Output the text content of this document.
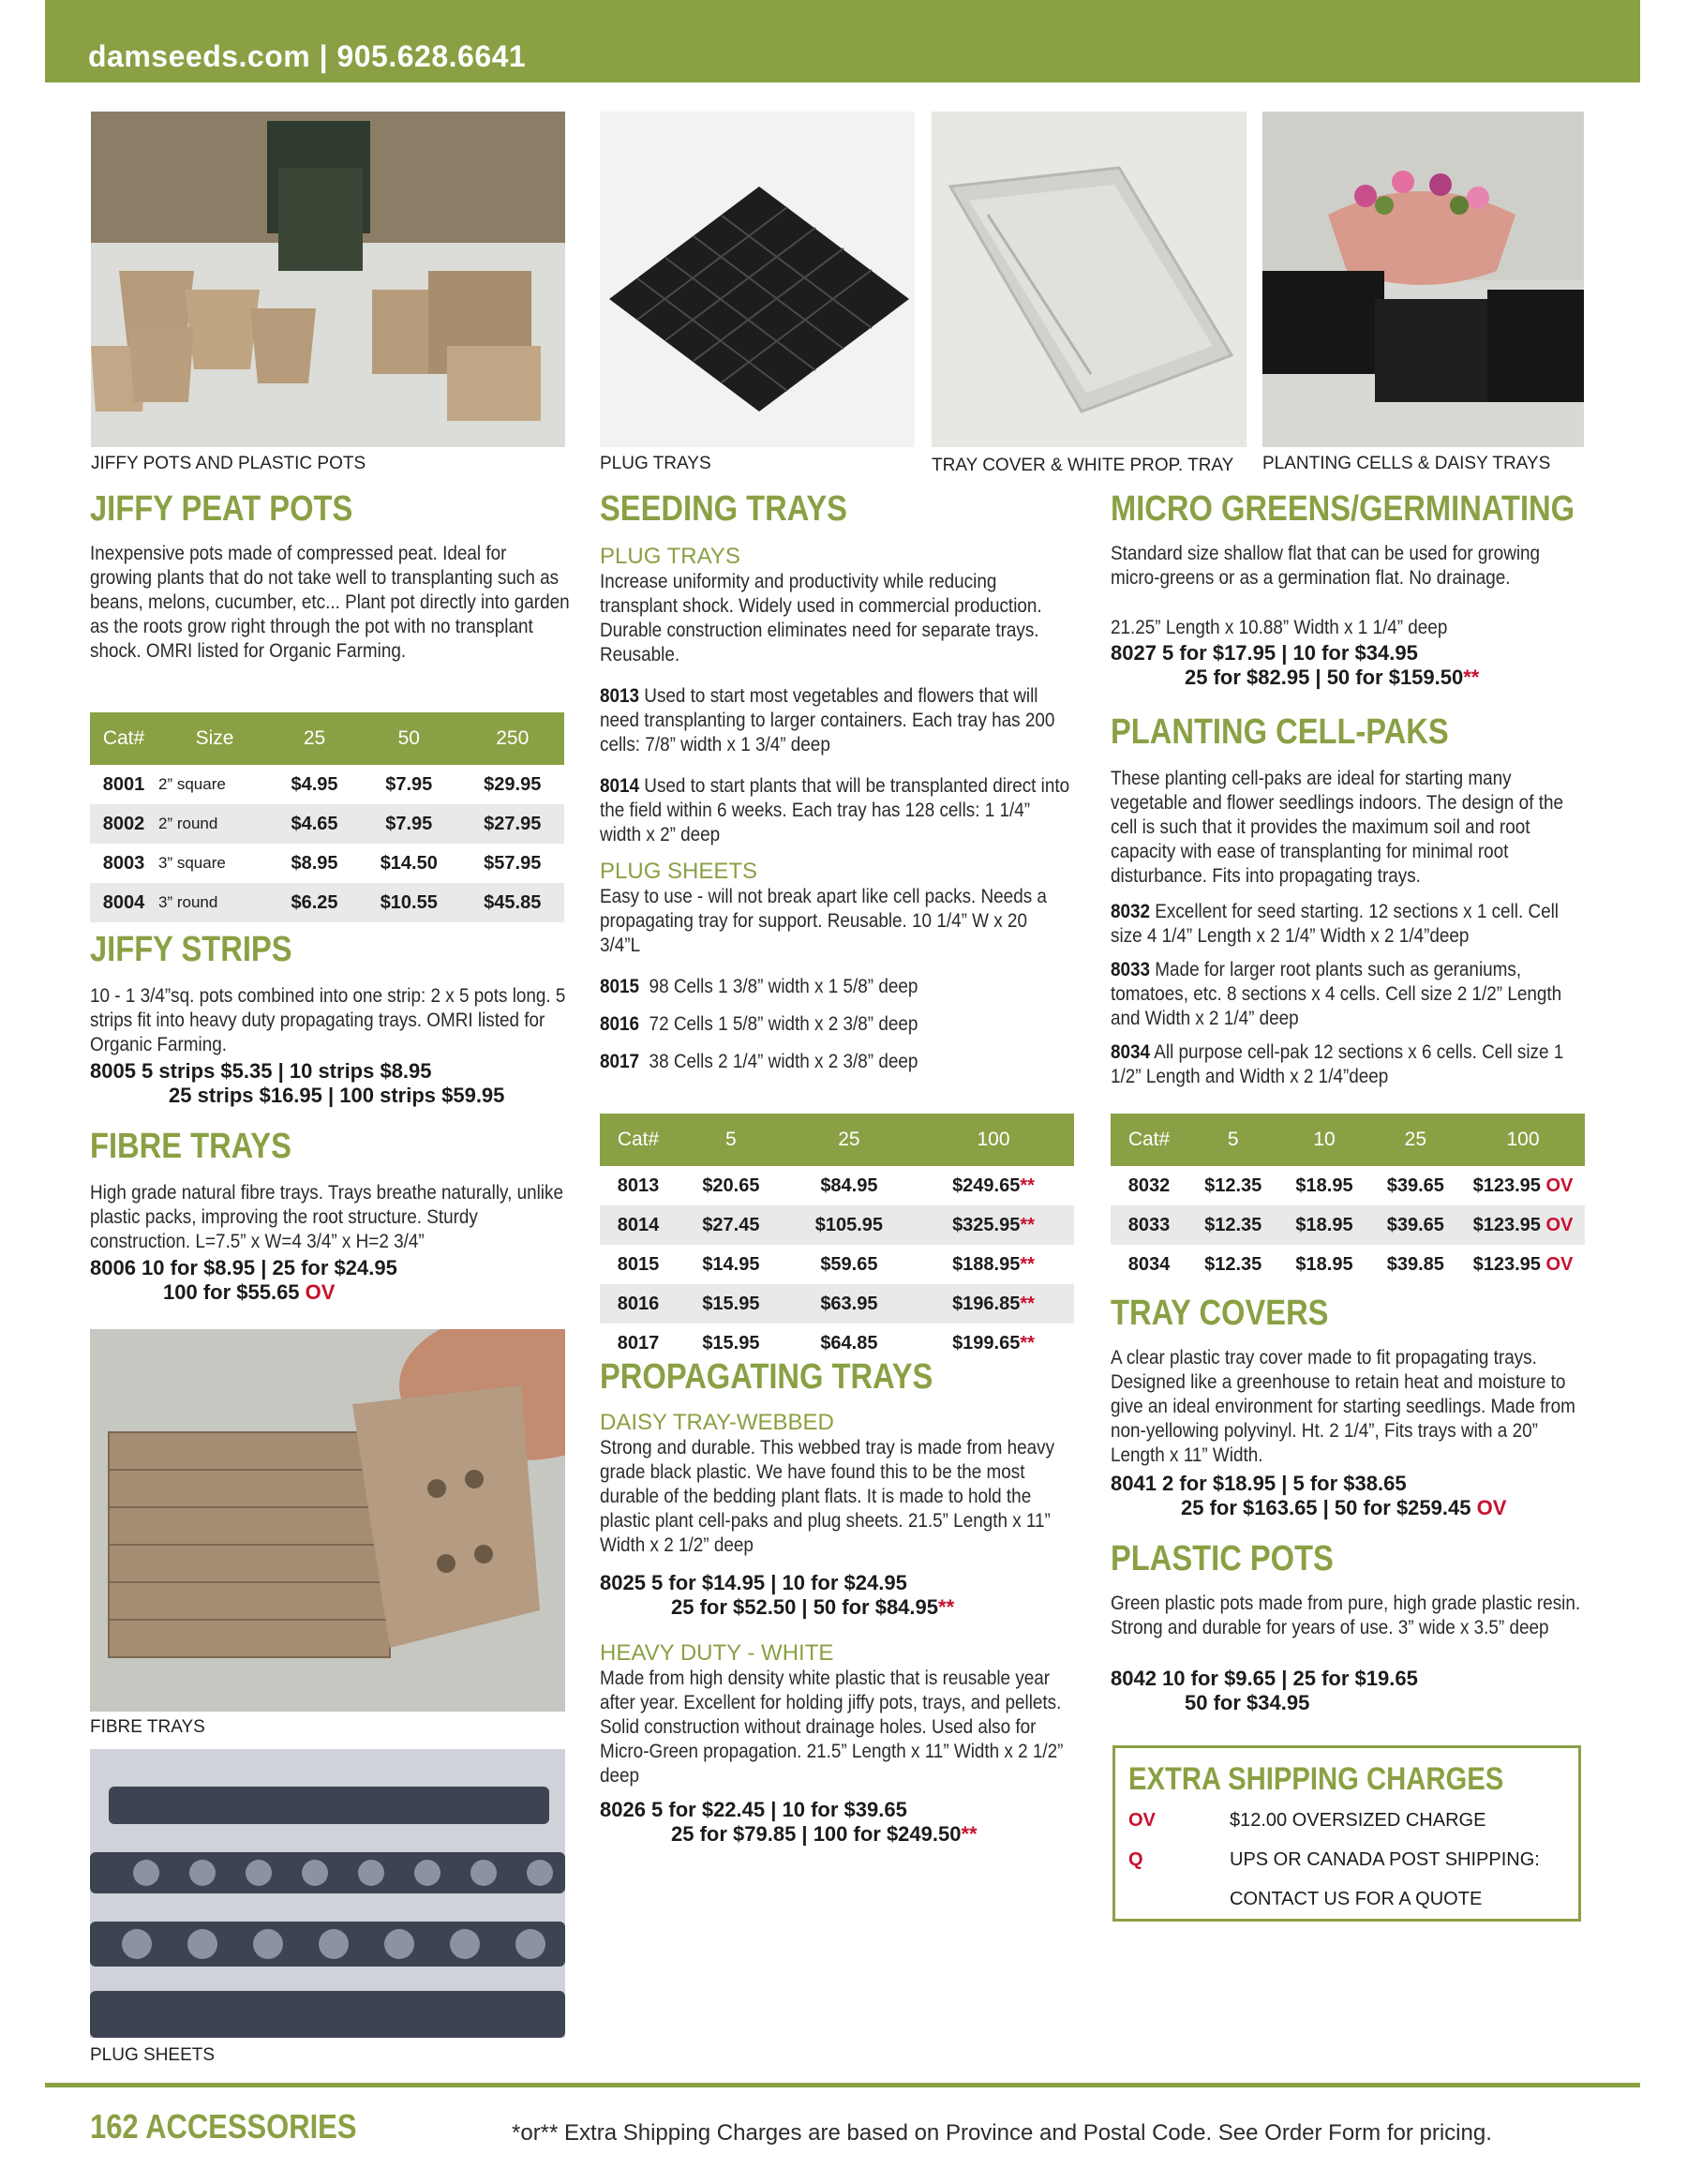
damseeds.com | 905.628.6641
JIFFY POTS AND PLASTIC POTS	PLUG TRAYS	TRAY COVER & WHITE PROP. TRAY PLANTING CELLS & DAISY TRAYS
JIFFY PEAT POTS
Inexpensive pots made of compressed peat. Ideal for growing plants that do not take well to transplanting such as beans, melons, cucumber, etc... Plant pot directly into garden as the roots grow right through the pot with no transplant shock. OMRI listed for Organic Farming.
Cat#	Size	25	50	250
8001	2” square	$4.95	$7.95	$29.95
8002	2” round	$4.65	$7.95	$27.95
8003	3” square	$8.95	$14.50	$57.95
8004	3” round	$6.25	$10.55	$45.85
JIFFY STRIPS
10 - 1 3/4”sq. pots combined into one strip: 2 x 5 pots long. 5 strips fit into heavy duty propagating trays. OMRI listed for Organic Farming.
8005 5 strips $5.35 | 10 strips $8.95
25 strips $16.95 | 100 strips $59.95
FIBRE TRAYS
High grade natural fibre trays. Trays breathe naturally, unlike plastic packs, improving the root structure. Sturdy construction. L=7.5” x W=4 3/4” x H=2 3/4”
8006 10 for $8.95 | 25 for $24.95
100 for $55.65 OV
FIBRE TRAYS
PLUG SHEETS
SEEDING TRAYS
PLUG TRAYS
Increase uniformity and productivity while reducing transplant shock. Widely used in commercial production. Durable construction eliminates need for separate trays. Reusable.
8013 Used to start most vegetables and flowers that will need transplanting to larger containers. Each tray has 200 cells: 7/8” width x 1 3/4” deep
8014 Used to start plants that will be transplanted direct into the field within 6 weeks. Each tray has 128 cells: 1 1/4” width x 2” deep
PLUG SHEETS
Easy to use - will not break apart like cell packs. Needs a propagating tray for support. Reusable. 10 1/4” W x 20 3/4”L
8015 98 Cells 1 3/8” width x 1 5/8” deep
8016 72 Cells 1 5/8” width x 2 3/8” deep
8017 38 Cells 2 1/4” width x 2 3/8” deep
Cat#	5	25	100
8013	$20.65	$84.95	$249.65**
8014	$27.45	$105.95	$325.95**
8015	$14.95	$59.65	$188.95**
8016	$15.95	$63.95	$196.85**
8017	$15.95	$64.85	$199.65**
PROPAGATING TRAYS
DAISY TRAY-WEBBED
Strong and durable. This webbed tray is made from heavy grade black plastic. We have found this to be the most durable of the bedding plant flats. It is made to hold the plastic plant cell-paks and plug sheets. 21.5” Length x 11” Width x 2 1/2” deep
8025 5 for $14.95 | 10 for $24.95
25 for $52.50 | 50 for $84.95**
HEAVY DUTY - WHITE
Made from high density white plastic that is reusable year after year. Excellent for holding jiffy pots, trays, and pellets. Solid construction without drainage holes. Used also for Micro-Green propagation. 21.5” Length x 11” Width x 2 1/2” deep
8026 5 for $22.45 | 10 for $39.65
25 for $79.85 | 100 for $249.50**
MICRO GREENS/GERMINATING
Standard size shallow flat that can be used for growing micro-greens or as a germination flat. No drainage.
21.25” Length x 10.88” Width x 1 1/4” deep
8027 5 for $17.95 | 10 for $34.95
25 for $82.95 | 50 for $159.50**
PLANTING CELL-PAKS
These planting cell-paks are ideal for starting many vegetable and flower seedlings indoors. The design of the cell is such that it provides the maximum soil and root capacity with ease of transplanting for minimal root disturbance. Fits into propagating trays.
8032 Excellent for seed starting. 12 sections x 1 cell. Cell size 4 1/4” Length x 2 1/4” Width x 2 1/4”deep
8033 Made for larger root plants such as geraniums, tomatoes, etc. 8 sections x 4 cells. Cell size 2 1/2” Length and Width x 2 1/4” deep
8034 All purpose cell-pak 12 sections x 6 cells. Cell size 1 1/2” Length and Width x 2 1/4”deep
Cat#	5	10	25	100
8032	$12.35	$18.95	$39.65	$123.95 OV
8033	$12.35	$18.95	$39.65	$123.95 OV
8034	$12.35	$18.95	$39.85	$123.95 OV
TRAY COVERS
A clear plastic tray cover made to fit propagating trays. Designed like a greenhouse to retain heat and moisture to give an ideal environment for starting seedlings. Made from non-yellowing polyvinyl. Ht. 2 1/4”, Fits trays with a 20” Length x 11” Width.
8041 2 for $18.95 | 5 for $38.65
25 for $163.65 | 50 for $259.45 OV
PLASTIC POTS
Green plastic pots made from pure, high grade plastic resin. Strong and durable for years of use. 3” wide x 3.5” deep
8042 10 for $9.65 | 25 for $19.65
50 for $34.95
EXTRA SHIPPING CHARGES
OV	$12.00 OVERSIZED CHARGE
Q	UPS OR CANADA POST SHIPPING:
CONTACT US FOR A QUOTE
162 ACCESSORIES	*or** Extra Shipping Charges are based on Province and Postal Code. See Order Form for pricing.
